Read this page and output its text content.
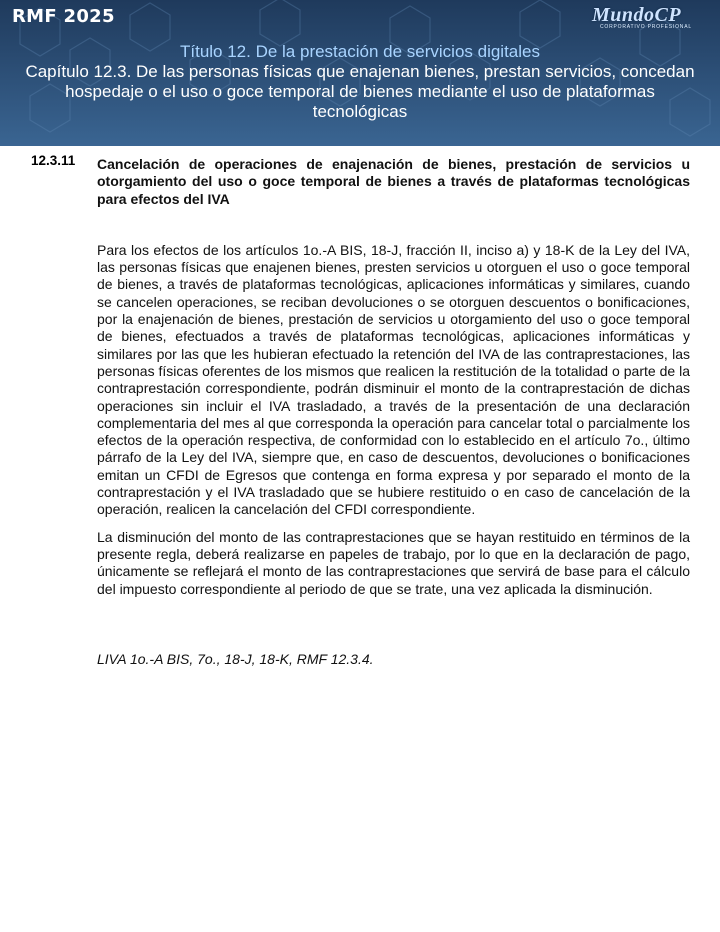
RMF 2025	MundoCP
CORPORATIVO PROFESIONAL
Título 12. De la prestación de servicios digitales
Capítulo 12.3. De las personas físicas que enajenan bienes, prestan servicios, concedan hospedaje o el uso o goce temporal de bienes mediante el uso de plataformas tecnológicas
12.3.11 Cancelación de operaciones de enajenación de bienes, prestación de servicios u otorgamiento del uso o goce temporal de bienes a través de plataformas tecnológicas para efectos del IVA
Para los efectos de los artículos 1o.-A BIS, 18-J, fracción II, inciso a) y 18-K de la Ley del IVA, las personas físicas que enajenen bienes, presten servicios u otorguen el uso o goce temporal de bienes, a través de plataformas tecnológicas, aplicaciones informáticas y similares, cuando se cancelen operaciones, se reciban devoluciones o se otorguen descuentos o bonificaciones, por la enajenación de bienes, prestación de servicios u otorgamiento del uso o goce temporal de bienes, efectuados a través de plataformas tecnológicas, aplicaciones informáticas y similares por las que les hubieran efectuado la retención del IVA de las contraprestaciones, las personas físicas oferentes de los mismos que realicen la restitución de la totalidad o parte de la contraprestación correspondiente, podrán disminuir el monto de la contraprestación de dichas operaciones sin incluir el IVA trasladado, a través de la presentación de una declaración complementaria del mes al que corresponda la operación para cancelar total o parcialmente los efectos de la operación respectiva, de conformidad con lo establecido en el artículo 7o., último párrafo de la Ley del IVA, siempre que, en caso de descuentos, devoluciones o bonificaciones emitan un CFDI de Egresos que contenga en forma expresa y por separado el monto de la contraprestación y el IVA trasladado que se hubiere restituido o en caso de cancelación de la operación, realicen la cancelación del CFDI correspondiente.
La disminución del monto de las contraprestaciones que se hayan restituido en términos de la presente regla, deberá realizarse en papeles de trabajo, por lo que en la declaración de pago, únicamente se reflejará el monto de las contraprestaciones que servirá de base para el cálculo del impuesto correspondiente al periodo de que se trate, una vez aplicada la disminución.
LIVA 1o.-A BIS, 7o., 18-J, 18-K, RMF 12.3.4.
